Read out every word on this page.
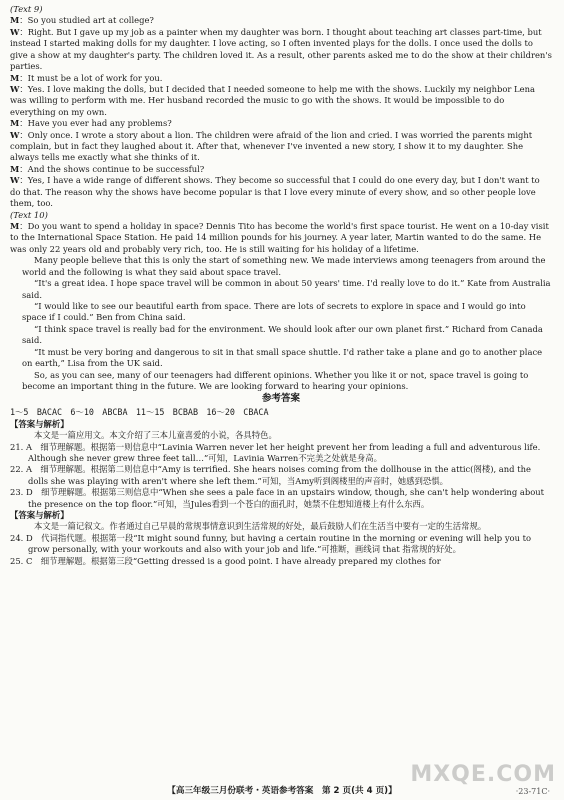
(Text 9)

M：So you studied art at college?

W：Right. But I gave up my job as a painter when my daughter was born. I thought about teaching art classes part-time, but instead I started making dolls for my daughter. I love acting, so I often invented plays for the dolls. I once used the dolls to give a show at my daughter's party. The children loved it. As a result, other parents asked me to do the show at their children's parties.

M：It must be a lot of work for you.

W：Yes. I love making the dolls, but I decided that I needed someone to help me with the shows. Luckily my neighbor Lena was willing to perform with me. Her husband recorded the music to go with the shows. It would be impossible to do everything on my own.

M：Have you ever had any problems?

W：Only once. I wrote a story about a lion. The children were afraid of the lion and cried. I was worried the parents might complain, but in fact they laughed about it. After that, whenever I've invented a new story, I show it to my daughter. She always tells me exactly what she thinks of it.

M：And the shows continue to be successful?

W：Yes, I have a wide range of different shows. They become so successful that I could do one every day, but I don't want to do that. The reason why the shows have become popular is that I love every minute of every show, and so other people love them, too.

(Text 10)

M：Do you want to spend a holiday in space? Dennis Tito has become the world's first space tourist. He went on a 10-day visit to the International Space Station. He paid 14 million pounds for his journey. A year later, Martin wanted to do the same. He was only 22 years old and probably very rich, too. He is still waiting for his holiday of a lifetime.

Many people believe that this is only the start of something new. We made interviews among teenagers from around the world and the following is what they said about space travel.

“It's a great idea. I hope space travel will be common in about 50 years' time. I'd really love to do it.” Kate from Australia said.

“I would like to see our beautiful earth from space. There are lots of secrets to explore in space and I would go into space if I could.” Ben from China said.

“I think space travel is really bad for the environment. We should look after our own planet first.” Richard from Canada said.

“It must be very boring and dangerous to sit in that small space shuttle. I'd rather take a plane and go to another place on earth,” Lisa from the UK said.

So, as you can see, many of our teenagers had different opinions. Whether you like it or not, space travel is going to become an important thing in the future. We are looking forward to hearing your opinions.

参考答案

1～5　BACAC　6～10　ABCBA　11～15　BCBAB　16～20　CBACA

【答案与解析】

本文是一篇应用文。本文介绍了三本儿童喜爱的小说，各具特色。

21. A　细节理解题。根据第一则信息中“Lavinia Warren never let her height prevent her from leading a full and adventurous life. Although she never grew three feet tall…”可知，Lavinia Warren不完美之处就是身高。

22. A　细节理解题。根据第二则信息中“Amy is terrified. She hears noises coming from the dollhouse in the attic(阁楼), and the dolls she was playing with aren't where she left them.”可知，当Amy听到阁楼里的声音时，她感到恐惧。

23. D　细节理解题。根据第三则信息中“When she sees a pale face in an upstairs window, though, she can't help wondering about the presence on the top floor.”可知，当Jules看到一个苍白的面孔时，她禁不住想知道楼上有什么东西。

【答案与解析】

本文是一篇记叙文。作者通过自己早晨的常规事情意识到生活常规的好处，最后鼓励人们在生活当中要有一定的生活常规。

24. D　代词指代题。根据第一段“It might sound funny, but having a certain routine in the morning or evening will help you to grow personally, with your workouts and also with your job and life.”可推断，画线词 that 指常规的好处。

25. C　细节理解题。根据第三段“Getting dressed is a good point. I have already prepared my clothes for

MXQE.COM
【高三年级三月份联考・英语参考答案　第 2 页(共 4 页)】	·23-71C·
